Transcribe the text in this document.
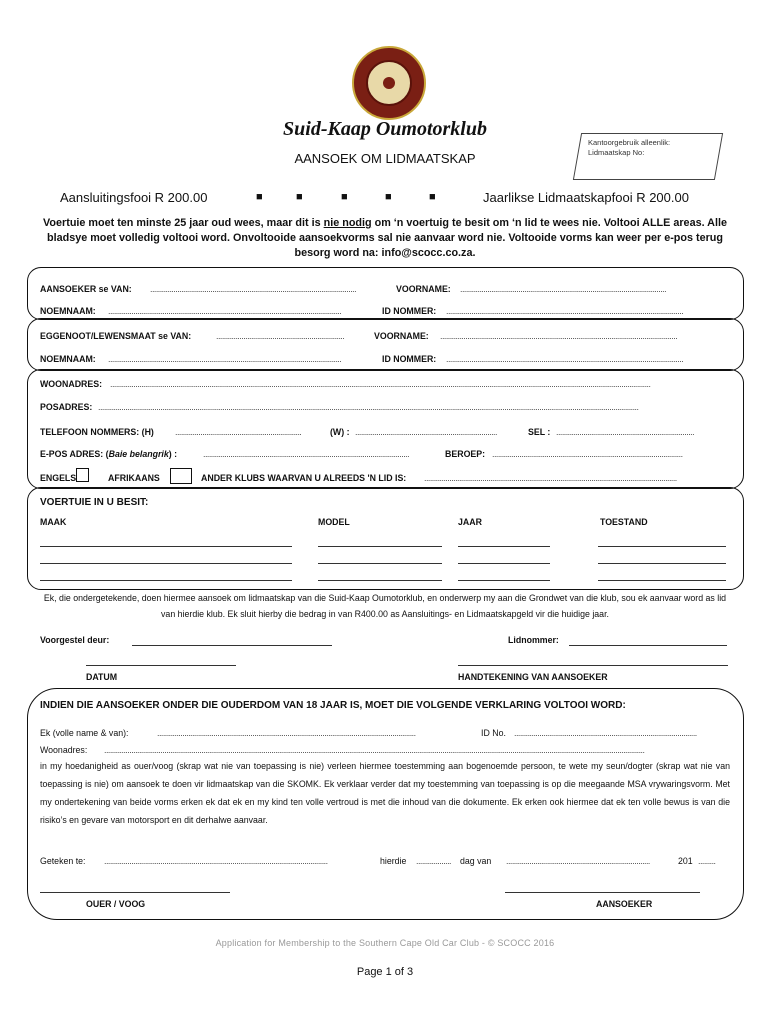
Suid-Kaap Oumotorklub
AANSOEK OM LIDMAATSKAP
Kantoorgebruik alleenlik:
Lidmaatskap No:
Aansluitingsfooi R 200.00	■	■	■	■	■	Jaarlikse Lidmaatskapfooi R 200.00
Voertuie moet ten minste 25 jaar oud wees, maar dit is nie nodig om ‘n voertuig te besit om ‘n lid te wees nie. Voltooi ALLE areas. Alle bladsye moet volledig voltooi word. Onvoltooide aansoekvorms sal nie aanvaar word nie. Voltooide vorms kan weer per e-pos terug besorg word na: info@scocc.co.za.
AANSOEKER se VAN: ..........................................................................................................	VOORNAME: ..........................................................................................................
NOEMNAAM: ........................................................................................................................	ID NOMMER: ..........................................................................................................................
EGGENOOT/LEWENSMAAT se VAN:	..................................................................	VOORNAME: ..........................................................................................................................
NOEMNAAM: ........................................................................................................................	ID NOMMER: ..........................................................................................................................
WOONADRES: ......................................................................................................................................................................................................................................................................................
POSADRES: ......................................................................................................................................................................................................................................................................................
TELEFOON NOMMERS: (H) .................................................................	(W) : .........................................................................	SEL : .......................................................................
E-POS ADRES: (Baie belangrik) :	..........................................................................................................	BEROEP: ..................................................................................................
ENGELS	AFRIKAANS	ANDER KLUBS WAARVAN U ALREEDS 'N LID IS: ..................................................................................................................................
VOERTUIE IN U BESIT:
MAAK	MODEL	JAAR	TOESTAND
Ek, die ondergetekende, doen hiermee aansoek om lidmaatskap van die Suid-Kaap Oumotorklub, en onderwerp my aan die Grondwet van die klub, sou ek aanvaar word as lid van hierdie klub. Ek sluit hierby die bedrag in van R400.00 as Aansluitings- en Lidmaatskapgeld vir die huidige jaar.
Voorgestel deur:	Lidnommer:
DATUM	HANDTEKENING VAN AANSOEKER
INDIEN DIE AANSOEKER ONDER DIE OUDERDOM VAN 18 JAAR IS, MOET DIE VOLGENDE VERKLARING VOLTOOI WORD:
Ek (volle name & van):	.....................................................................................................................................	ID No. ..............................................................................................
Woonadres: ......................................................................................................................................................................................................................................................................................
in my hoedanigheid as ouer/voog (skrap wat nie van toepassing is nie) verleen hiermee toestemming aan bogenoemde persoon, te wete my seun/dogter (skrap wat nie van toepassing is nie) om aansoek te doen vir lidmaatskap van die SKOMK. Ek verklaar verder dat my toestemming van toepassing is op die meegaande MSA vrywaringsvorm. Met my ondertekening van beide vorms erken ek dat ek en my kind ten volle vertroud is met die inhoud van die dokumente. Ek erken ook hiermee dat ek ten volle bewus is van die risiko’s en gevare van motorsport en dit derhalwe aanvaar.
Geteken te: ...................................................................................................................	hierdie ..................	dag van ..........................................................................	201 .........
OUER / VOOG	AANSOEKER
Application for Membership to the Southern Cape Old Car Club - © SCOCC 2016
Page 1 of 3
